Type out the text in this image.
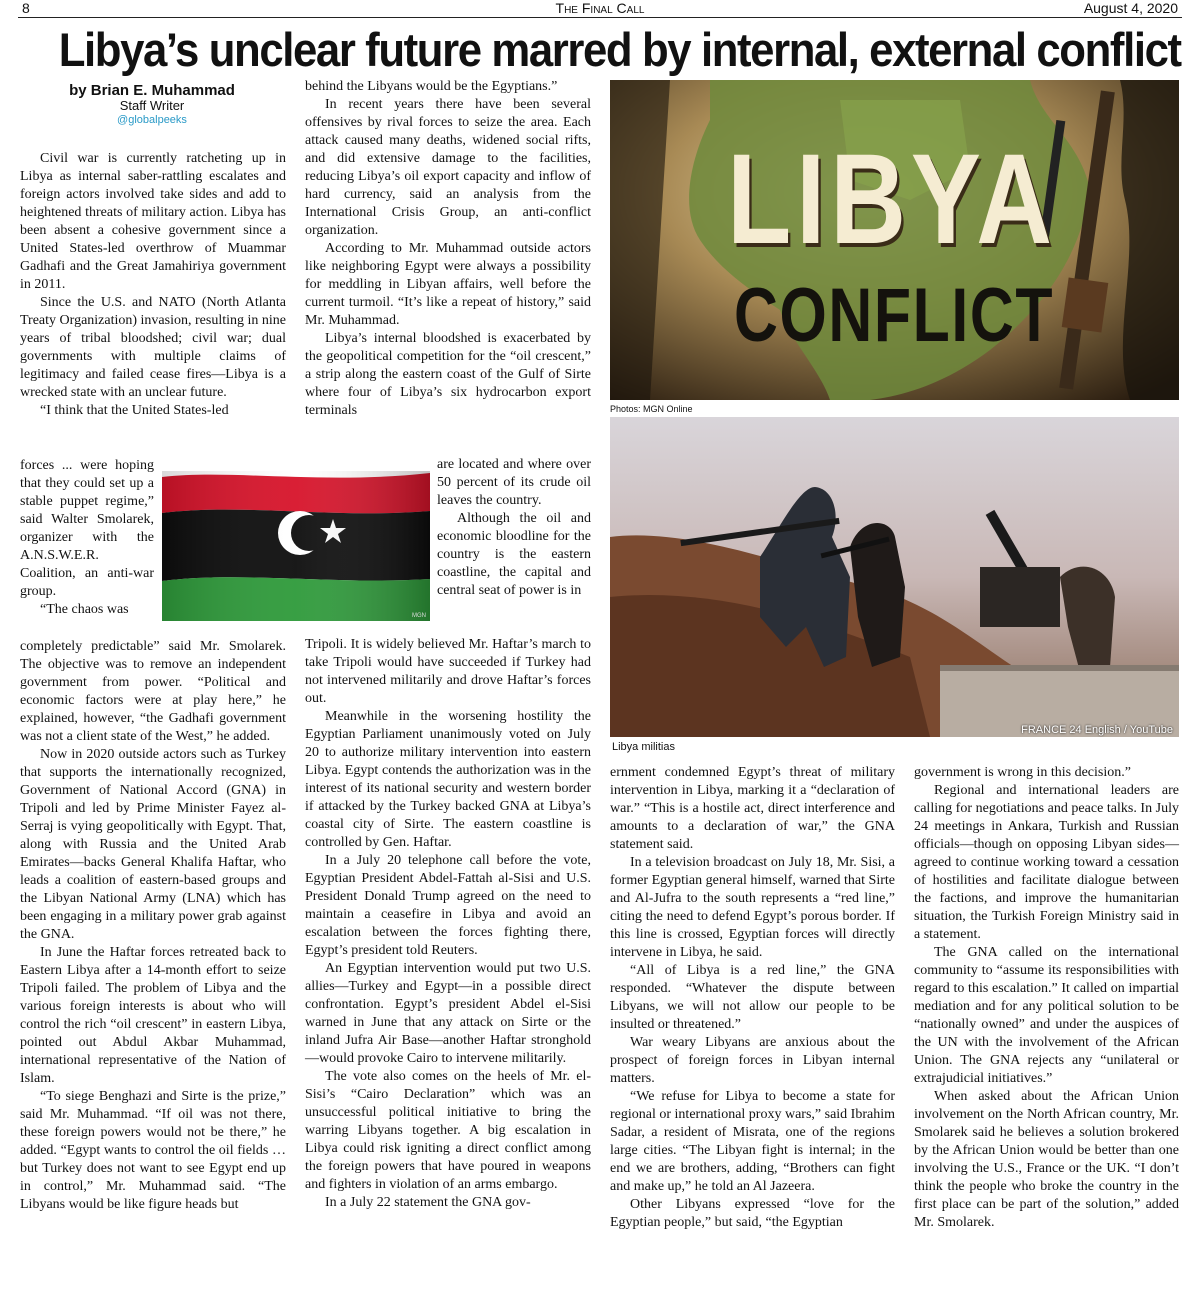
8	The Final Call	August 4, 2020
Libya’s unclear future marred by internal, external conflict
by Brian E. Muhammad
Staff Writer
@globalpeeks

Civil war is currently ratcheting up in Libya as internal saber-rattling escalates and foreign actors involved take sides and add to heightened threats of military action. Libya has been absent a cohesive government since a United States-led overthrow of Muammar Gadhafi and the Great Jamahiriya government in 2011.

Since the U.S. and NATO (North Atlanta Treaty Organization) invasion, resulting in nine years of tribal bloodshed; civil war; dual governments with multiple claims of legitimacy and failed cease fires—Libya is a wrecked state with an unclear future.

“I think that the United States-led

forces ... were hoping that they could set up a stable puppet regime,” said Walter Smolarek, organizer with the A.N.S.W.E.R. Coalition, an anti-war group.

“The chaos was	MGN

completely predictable” said Mr. Smolarek. The objective was to remove an independent government from power. “Political and economic factors were at play here,” he explained, however, “the Gadhafi government was not a client state of the West,” he added.

Now in 2020 outside actors such as Turkey that supports the internationally recognized, Government of National Accord (GNA) in Tripoli and led by Prime Minister Fayez al-Serraj is vying geopolitically with Egypt. That, along with Russia and the United Arab Emirates—backs General Khalifa Haftar, who leads a coalition of eastern-based groups and the Libyan National Army (LNA) which has been engaging in a military power grab against the GNA.

In June the Haftar forces retreated back to Eastern Libya after a 14-month effort to seize Tripoli failed. The problem of Libya and the various foreign interests is about who will control the rich “oil crescent” in eastern Libya, pointed out Abdul Akbar Muhammad, international representative of the Nation of Islam.

“To siege Benghazi and Sirte is the prize,” said Mr. Muhammad. “If oil was not there, these foreign powers would not be there,” he added. “Egypt wants to control the oil fields … but Turkey does not want to see Egypt end up in control,” Mr. Muhammad said. “The Libyans would be like figure heads but

behind the Libyans would be the Egyptians.”

In recent years there have been several offensives by rival forces to seize the area. Each attack caused many deaths, widened social rifts, and did extensive damage to the facilities, reducing Libya’s oil export capacity and inflow of hard currency, said an analysis from the International Crisis Group, an anti-conflict organization.

According to Mr. Muhammad outside actors like neighboring Egypt were always a possibility for meddling in Libyan affairs, well before the current turmoil. “It’s like a repeat of history,” said Mr. Muhammad.

Libya’s internal bloodshed is exacerbated by the geopolitical competition for the “oil crescent,” a strip along the eastern coast of the Gulf of Sirte where four of Libya’s six hydrocarbon export terminals

are located and where over 50 percent of its crude oil leaves the country.

Although the oil and economic bloodline for the country is the eastern coastline, the capital and central seat of power is in

Tripoli. It is widely believed Mr. Haftar’s march to take Tripoli would have succeeded if Turkey had not intervened militarily and drove Haftar’s forces out.

Meanwhile in the worsening hostility the Egyptian Parliament unanimously voted on July 20 to authorize military intervention into eastern Libya. Egypt contends the authorization was in the interest of its national security and western border if attacked by the Turkey backed GNA at Libya’s coastal city of Sirte. The eastern coastline is controlled by Gen. Haftar.

In a July 20 telephone call before the vote, Egyptian President Abdel-Fattah al-Sisi and U.S. President Donald Trump agreed on the need to maintain a ceasefire in Libya and avoid an escalation between the forces fighting there, Egypt’s president told Reuters.

An Egyptian intervention would put two U.S. allies—Turkey and Egypt—in a possible direct confrontation. Egypt’s president Abdel el-Sisi warned in June that any attack on Sirte or the inland Jufra Air Base—another Haftar stronghold—would provoke Cairo to intervene militarily.

The vote also comes on the heels of Mr. el-Sisi’s “Cairo Declaration” which was an unsuccessful political initiative to bring the warring Libyans together. A big escalation in Libya could risk igniting a direct conflict among the foreign powers that have poured in weapons and fighters in violation of an arms embargo.

In a July 22 statement the GNA gov-

LIBYA
CONFLICT
Photos: MGN Online
FRANCE 24 English / YouTube
Libya militias

ernment condemned Egypt’s threat of military intervention in Libya, marking it a “declaration of war.” “This is a hostile act, direct interference and amounts to a declaration of war,” the GNA statement said.

In a television broadcast on July 18, Mr. Sisi, a former Egyptian general himself, warned that Sirte and Al-Jufra to the south represents a “red line,” citing the need to defend Egypt’s porous border. If this line is crossed, Egyptian forces will directly intervene in Libya, he said.

“All of Libya is a red line,” the GNA responded. “Whatever the dispute between Libyans, we will not allow our people to be insulted or threatened.”

War weary Libyans are anxious about the prospect of foreign forces in Libyan internal matters.

“We refuse for Libya to become a state for regional or international proxy wars,” said Ibrahim Sadar, a resident of Misrata, one of the regions large cities. “The Libyan fight is internal; in the end we are brothers, adding, “Brothers can fight and make up,” he told an Al Jazeera.

Other Libyans expressed “love for the Egyptian people,” but said, “the Egyptian

government is wrong in this decision.”

Regional and international leaders are calling for negotiations and peace talks. In July 24 meetings in Ankara, Turkish and Russian officials—though on opposing Libyan sides—agreed to continue working toward a cessation of hostilities and facilitate dialogue between the factions, and improve the humanitarian situation, the Turkish Foreign Ministry said in a statement.

The GNA called on the international community to “assume its responsibilities with regard to this escalation.” It called on impartial mediation and for any political solution to be “nationally owned” and under the auspices of the UN with the involvement of the African Union. The GNA rejects any “unilateral or extrajudicial initiatives.”

When asked about the African Union involvement on the North African country, Mr. Smolarek said he believes a solution brokered by the African Union would be better than one involving the U.S., France or the UK. “I don’t think the people who broke the country in the first place can be part of the solution,” added Mr. Smolarek.
